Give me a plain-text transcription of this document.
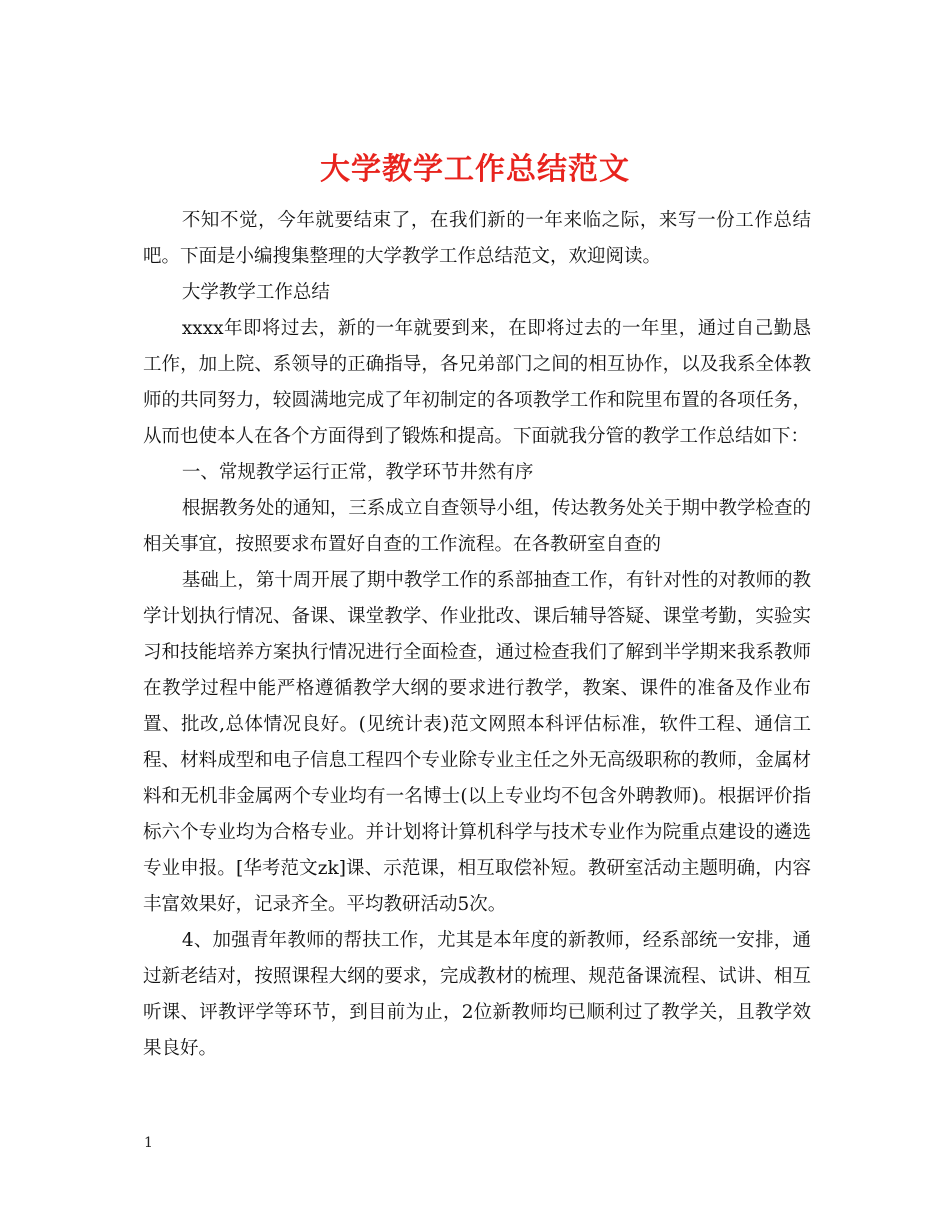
大学教学工作总结范文

不知不觉，今年就要结束了，在我们新的一年来临之际，来写一份工作总结吧。下面是小编搜集整理的大学教学工作总结范文，欢迎阅读。

大学教学工作总结

xxxx年即将过去，新的一年就要到来，在即将过去的一年里，通过自己勤恳工作，加上院、系领导的正确指导，各兄弟部门之间的相互协作，以及我系全体教师的共同努力，较圆满地完成了年初制定的各项教学工作和院里布置的各项任务，从而也使本人在各个方面得到了锻炼和提高。下面就我分管的教学工作总结如下：

一、常规教学运行正常，教学环节井然有序

根据教务处的通知，三系成立自查领导小组，传达教务处关于期中教学检查的相关事宜，按照要求布置好自查的工作流程。在各教研室自查的

基础上，第十周开展了期中教学工作的系部抽查工作，有针对性的对教师的教学计划执行情况、备课、课堂教学、作业批改、课后辅导答疑、课堂考勤，实验实习和技能培养方案执行情况进行全面检查，通过检查我们了解到半学期来我系教师在教学过程中能严格遵循教学大纲的要求进行教学，教案、课件的准备及作业布置、批改,总体情况良好。(见统计表)范文网照本科评估标准，软件工程、通信工程、材料成型和电子信息工程四个专业除专业主任之外无高级职称的教师，金属材料和无机非金属两个专业均有一名博士(以上专业均不包含外聘教师)。根据评价指标六个专业均为合格专业。并计划将计算机科学与技术专业作为院重点建设的遴选专业申报。[华考范文zk]课、示范课，相互取偿补短。教研室活动主题明确，内容丰富效果好，记录齐全。平均教研活动5次。

4、加强青年教师的帮扶工作，尤其是本年度的新教师，经系部统一安排，通过新老结对，按照课程大纲的要求，完成教材的梳理、规范备课流程、试讲、相互听课、评教评学等环节，到目前为止，2位新教师均已顺利过了教学关，且教学效果良好。

1
